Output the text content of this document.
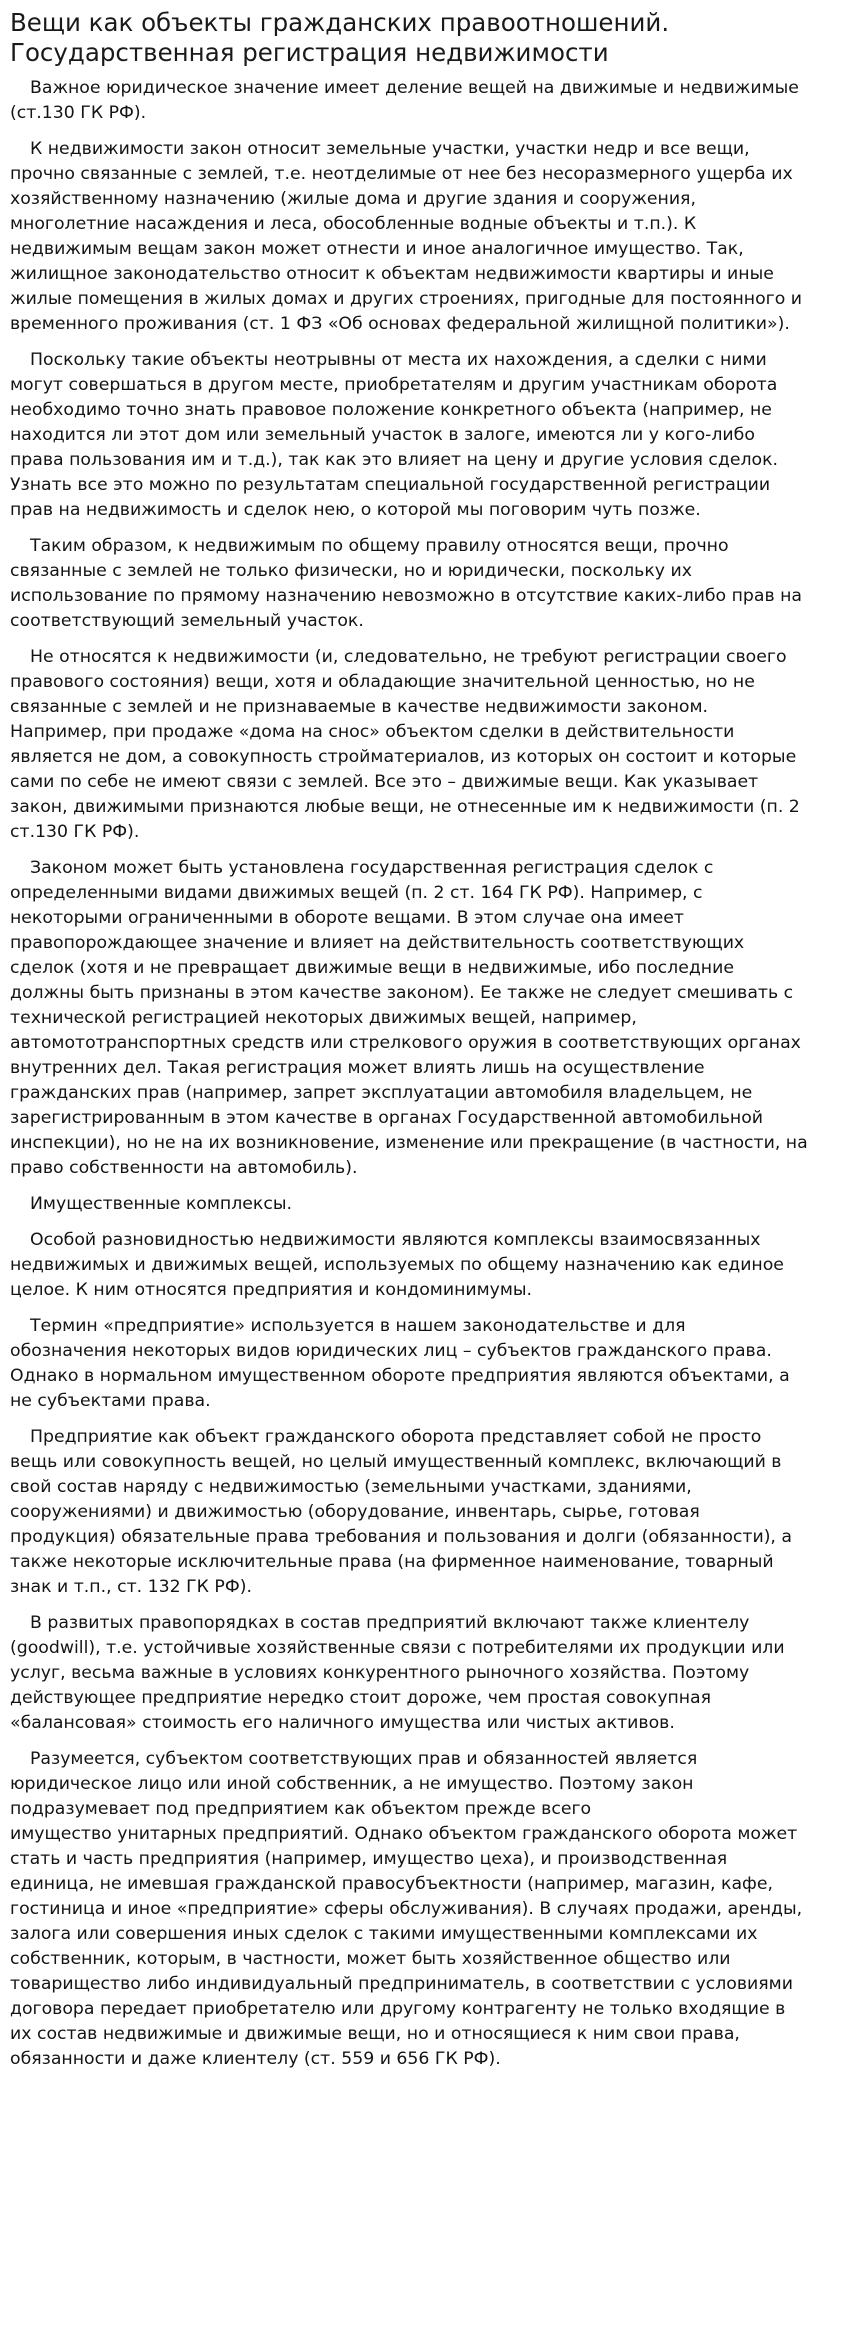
Вещи как объекты гражданских правоотношений. Государственная регистрация недвижимости

Важное юридическое значение имеет деление вещей на движимые и недвижимые
(ст.130 ГК РФ).

К недвижимости закон относит земельные участки, участки недр и все вещи,
прочно связанные с землей, т.е. неотделимые от нее без несоразмерного ущерба их
хозяйственному назначению (жилые дома и другие здания и сооружения,
многолетние насаждения и леса, обособленные водные объекты и т.п.). К
недвижимым вещам закон может отнести и иное аналогичное имущество. Так,
жилищное законодательство относит к объектам недвижимости квартиры и иные
жилые помещения в жилых домах и других строениях, пригодные для постоянного и
временного проживания (ст. 1 ФЗ «Об основах федеральной жилищной политики»).

Поскольку такие объекты неотрывны от места их нахождения, а сделки с ними
могут совершаться в другом месте, приобретателям и другим участникам оборота
необходимо точно знать правовое положение конкретного объекта (например, не
находится ли этот дом или земельный участок в залоге, имеются ли у кого-либо
права пользования им и т.д.), так как это влияет на цену и другие условия сделок.
Узнать все это можно по результатам специальной государственной регистрации
прав на недвижимость и сделок нею, о которой мы поговорим чуть позже.

Таким образом, к недвижимым по общему правилу относятся вещи, прочно
связанные с землей не только физически, но и юридически, поскольку их
использование по прямому назначению невозможно в отсутствие каких-либо прав на
соответствующий земельный участок.

Не относятся к недвижимости (и, следовательно, не требуют регистрации своего
правового состояния) вещи, хотя и обладающие значительной ценностью, но не
связанные с землей и не признаваемые в качестве недвижимости законом.
Например, при продаже «дома на снос» объектом сделки в действительности
является не дом, а совокупность стройматериалов, из которых он состоит и которые
сами по себе не имеют связи с землей. Все это – движимые вещи. Как указывает
закон, движимыми признаются любые вещи, не отнесенные им к недвижимости (п. 2
ст.130 ГК РФ).

Законом может быть установлена государственная регистрация сделок с
определенными видами движимых вещей (п. 2 ст. 164 ГК РФ). Например, с
некоторыми ограниченными в обороте вещами. В этом случае она имеет
правопорождающее значение и влияет на действительность соответствующих
сделок (хотя и не превращает движимые вещи в недвижимые, ибо последние
должны быть признаны в этом качестве законом). Ее также не следует смешивать с
технической регистрацией некоторых движимых вещей, например,
автомототранспортных средств или стрелкового оружия в соответствующих органах
внутренних дел. Такая регистрация может влиять лишь на осуществление
гражданских прав (например, запрет эксплуатации автомобиля владельцем, не
зарегистрированным в этом качестве в органах Государственной автомобильной
инспекции), но не на их возникновение, изменение или прекращение (в частности, на
право собственности на автомобиль).

Имущественные комплексы.

Особой разновидностью недвижимости являются комплексы взаимосвязанных
недвижимых и движимых вещей, используемых по общему назначению как единое
целое. К ним относятся предприятия и кондоминимумы.

Термин «предприятие» используется в нашем законодательстве и для
обозначения некоторых видов юридических лиц – субъектов гражданского права.
Однако в нормальном имущественном обороте предприятия являются объектами, а
не субъектами права.

Предприятие как объект гражданского оборота представляет собой не просто
вещь или совокупность вещей, но целый имущественный комплекс, включающий в
свой состав наряду с недвижимостью (земельными участками, зданиями,
сооружениями) и движимостью (оборудование, инвентарь, сырье, готовая
продукция) обязательные права требования и пользования и долги (обязанности), а
также некоторые исключительные права (на фирменное наименование, товарный
знак и т.п., ст. 132 ГК РФ).

В развитых правопорядках в состав предприятий включают также клиентелу
(goodwill), т.е. устойчивые хозяйственные связи с потребителями их продукции или
услуг, весьма важные в условиях конкурентного рыночного хозяйства. Поэтому
действующее предприятие нередко стоит дороже, чем простая совокупная
«балансовая» стоимость его наличного имущества или чистых активов.

Разумеется, субъектом соответствующих прав и обязанностей является
юридическое лицо или иной собственник, а не имущество. Поэтому закон
подразумевает под предприятием как объектом прежде всего
имущество унитарных предприятий. Однако объектом гражданского оборота может
стать и часть предприятия (например, имущество цеха), и производственная
единица, не имевшая гражданской правосубъектности (например, магазин, кафе,
гостиница и иное «предприятие» сферы обслуживания). В случаях продажи, аренды,
залога или совершения иных сделок с такими имущественными комплексами их
собственник, которым, в частности, может быть хозяйственное общество или
товарищество либо индивидуальный предприниматель, в соответствии с условиями
договора передает приобретателю или другому контрагенту не только входящие в
их состав недвижимые и движимые вещи, но и относящиеся к ним свои права,
обязанности и даже клиентелу (ст. 559 и 656 ГК РФ).
